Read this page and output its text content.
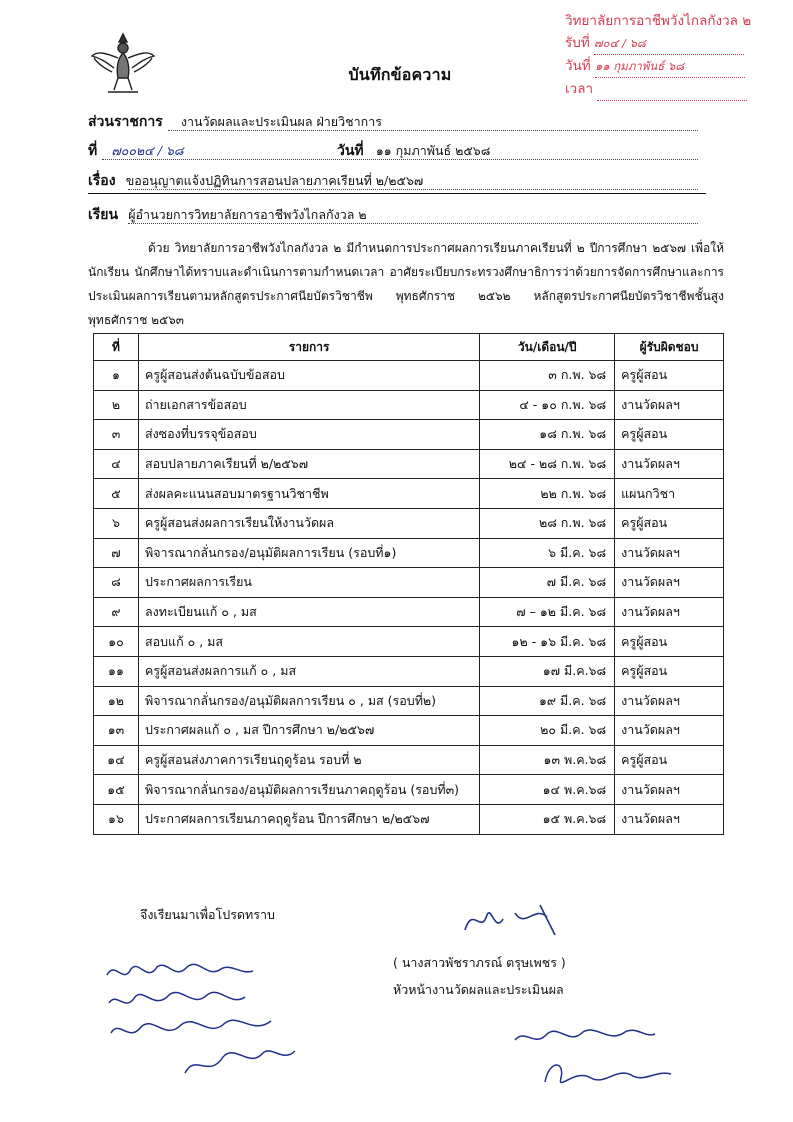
วิทยาลัยการอาชีพวังไกลกังวล ๒
รับที่ ๗๐๔ / ๖๘
วันที่ ๑๑ กุมภาพันธ์ ๖๘
เวลา
บันทึกข้อความ
ส่วนราชการ งานวัดผลและประเมินผล ฝ่ายวิชาการ
ที่ ๗๐๐๒๔ / ๖๘	วันที่ ๑๑ กุมภาพันธ์ ๒๕๖๘
เรื่อง ขออนุญาตแจ้งปฏิทินการสอนปลายภาคเรียนที่ ๒/๒๕๖๗
เรียน ผู้อำนวยการวิทยาลัยการอาชีพวังไกลกังวล ๒
ด้วย วิทยาลัยการอาชีพวังไกลกังวล ๒ มีกำหนดการประกาศผลการเรียนภาคเรียนที่ ๒ ปีการศึกษา ๒๕๖๗ เพื่อให้นักเรียน นักศึกษาได้ทราบและดำเนินการตามกำหนดเวลา อาศัยระเบียบกระทรวงศึกษาธิการว่าด้วยการจัดการศึกษาและการประเมินผลการเรียนตามหลักสูตรประกาศนียบัตรวิชาชีพ พุทธศักราช ๒๕๖๒ หลักสูตรประกาศนียบัตรวิชาชีพชั้นสูง พุทธศักราช ๒๕๖๓
ที่	รายการ	วัน/เดือน/ปี	ผู้รับผิดชอบ
๑	ครูผู้สอนส่งต้นฉบับข้อสอบ	๓ ก.พ. ๖๘	ครูผู้สอน
๒	ถ่ายเอกสารข้อสอบ	๔ - ๑๐ ก.พ. ๖๘	งานวัดผลฯ
๓	ส่งซองที่บรรจุข้อสอบ	๑๘ ก.พ. ๖๘	ครูผู้สอน
๔	สอบปลายภาคเรียนที่ ๒/๒๕๖๗	๒๔ - ๒๘ ก.พ. ๖๘	งานวัดผลฯ
๕	ส่งผลคะแนนสอบมาตรฐานวิชาชีพ	๒๒ ก.พ. ๖๘	แผนกวิชา
๖	ครูผู้สอนส่งผลการเรียนให้งานวัดผล	๒๘ ก.พ. ๖๘	ครูผู้สอน
๗	พิจารณากลั่นกรอง/อนุมัติผลการเรียน (รอบที่๑)	๖ มี.ค. ๖๘	งานวัดผลฯ
๘	ประกาศผลการเรียน	๗ มี.ค. ๖๘	งานวัดผลฯ
๙	ลงทะเบียนแก้ ๐ , มส	๗ – ๑๒ มี.ค. ๖๘	งานวัดผลฯ
๑๐	สอบแก้ ๐ , มส	๑๒ - ๑๖ มี.ค. ๖๘	ครูผู้สอน
๑๑	ครูผู้สอนส่งผลการแก้ ๐ , มส	๑๗ มี.ค.๖๘	ครูผู้สอน
๑๒	พิจารณากลั่นกรอง/อนุมัติผลการเรียน ๐ , มส (รอบที่๒)	๑๙ มี.ค. ๖๘	งานวัดผลฯ
๑๓	ประกาศผลแก้ ๐ , มส ปีการศึกษา ๒/๒๕๖๗	๒๐ มี.ค. ๖๘	งานวัดผลฯ
๑๔	ครูผู้สอนส่งภาคการเรียนฤดูร้อน รอบที่ ๒	๑๓ พ.ค.๖๘	ครูผู้สอน
๑๕	พิจารณากลั่นกรอง/อนุมัติผลการเรียนภาคฤดูร้อน (รอบที่๓)	๑๔ พ.ค.๖๘	งานวัดผลฯ
๑๖	ประกาศผลการเรียนภาคฤดูร้อน ปีการศึกษา ๒/๒๕๖๗	๑๕ พ.ค.๖๘	งานวัดผลฯ
จึงเรียนมาเพื่อโปรดทราบ
( นางสาวพัชราภรณ์ ตรุษเพชร )
หัวหน้างานวัดผลและประเมินผล
